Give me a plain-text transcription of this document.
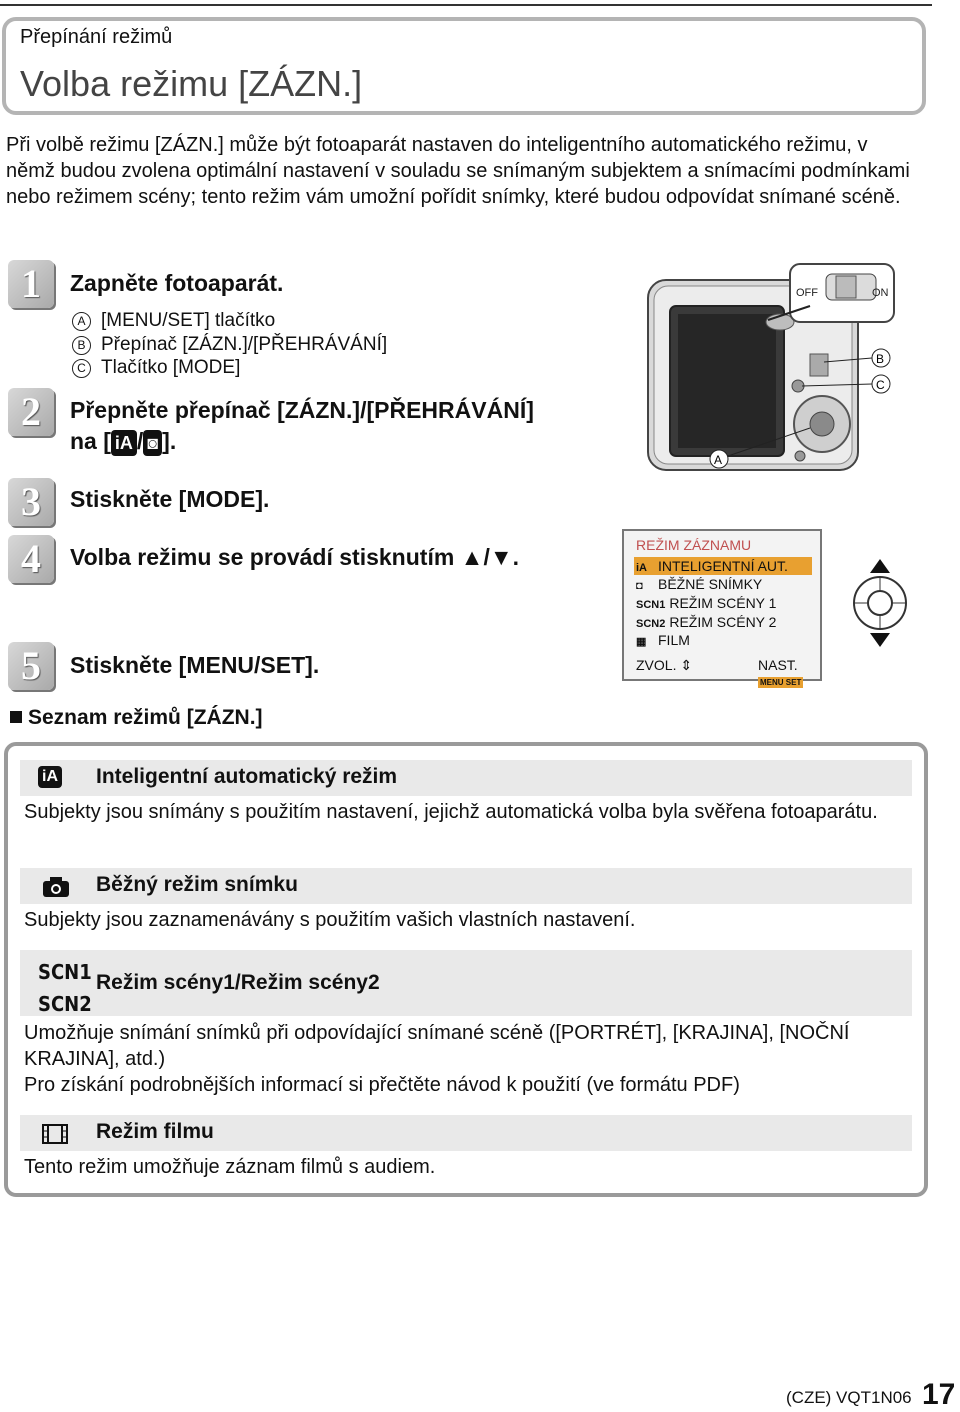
Přepínání režimů
Volba režimu [ZÁZN.]

Při volbě režimu [ZÁZN.] může být fotoaparát nastaven do inteligentního automatického režimu, v němž budou zvolena optimální nastavení v souladu se snímaným subjektem a snímacími podmínkami nebo režimem scény; tento režim vám umožní pořídit snímky, které budou odpovídat snímané scéně.

1	Zapněte fotoaparát.
A [MENU/SET] tlačítko
B Přepínač [ZÁZN.]/[PŘEHRÁVÁNÍ]
C Tlačítko [MODE]
2	Přepněte přepínač [ZÁZN.]/[PŘEHRÁVÁNÍ]
na [ iA / ◙ ].
3	Stiskněte [MODE].
4	Volba režimu se provádí stisknutím ▲/▼.
5	Stiskněte [MENU/SET].
OFF	ON
B
C
A
REŽIM ZÁZNAMU
iA INTELIGENTNÍ AUT.
◘ BĚŽNÉ SNÍMKY
SCN1 REŽIM SCÉNY 1
SCN2 REŽIM SCÉNY 2
▦ FILM
ZVOL. ⇕	NAST. MENU SET
Seznam režimů [ZÁZN.]
iA Inteligentní automatický režim
Subjekty jsou snímány s použitím nastavení, jejichž automatická volba byla svěřena fotoaparátu.
Běžný režim snímku
Subjekty jsou zaznamenávány s použitím vašich vlastních nastavení.
SCN1
SCN2
Režim scény1/Režim scény2
Umožňuje snímání snímků při odpovídající snímané scéně ([PORTRÉT], [KRAJINA], [NOČNÍ KRAJINA], atd.)
Pro získání podrobnějších informací si přečtěte návod k použití (ve formátu PDF)
Režim filmu
Tento režim umožňuje záznam filmů s audiem.
(CZE) VQT1N06 17
